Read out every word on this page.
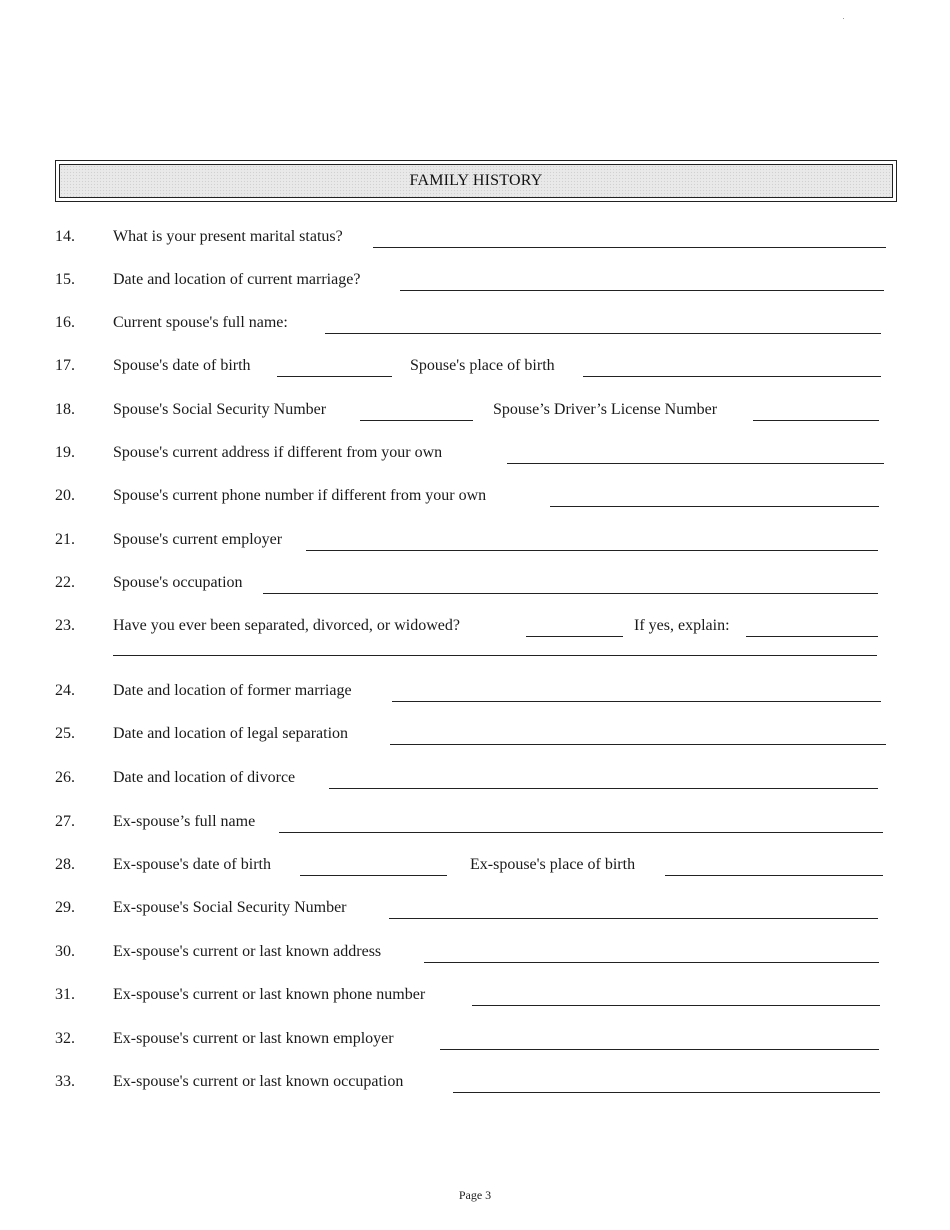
FAMILY HISTORY
14. What is your present marital status?
15. Date and location of current marriage?
16. Current spouse's full name:
17. Spouse's date of birth	Spouse's place of birth
18. Spouse's Social Security Number	Spouse’s Driver’s License Number
19. Spouse's current address if different from your own
20. Spouse's current phone number if different from your own
21. Spouse's current employer
22. Spouse's occupation
23. Have you ever been separated, divorced, or widowed?	If yes, explain:
24. Date and location of former marriage
25. Date and location of legal separation
26. Date and location of divorce
27. Ex-spouse’s full name
28. Ex-spouse's date of birth	Ex-spouse's place of birth
29. Ex-spouse's Social Security Number
30. Ex-spouse's current or last known address
31. Ex-spouse's current or last known phone number
32. Ex-spouse's current or last known employer
33. Ex-spouse's current or last known occupation
Page 3
